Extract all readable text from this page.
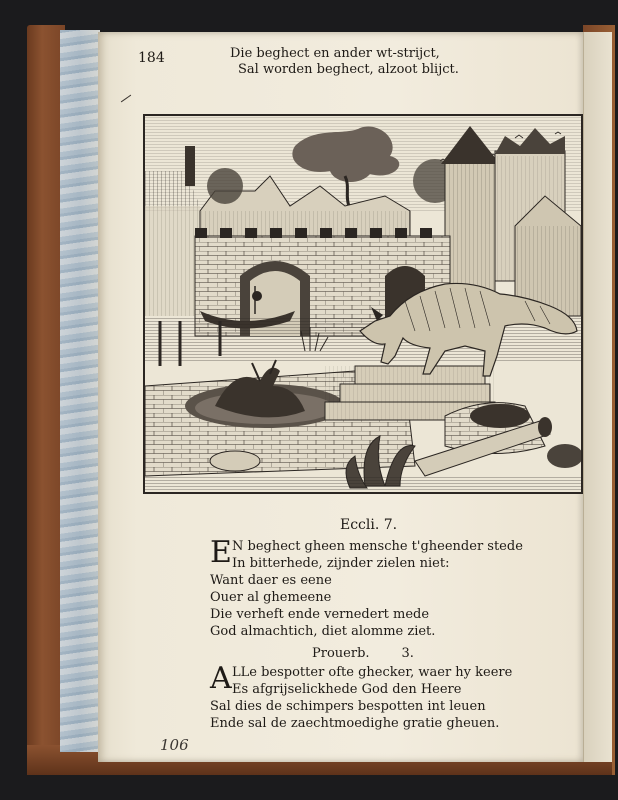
184	Die beghect en ander wt-strijct,
Sal worden beghect, alzoot blijct.
Eccli. 7.
E N beghect gheen mensche t'gheender stede
In bitterhede, zijnder zielen niet:
Want daer es eene
Ouer al ghemeene
Die verheft ende vernedert mede
God almachtich, diet alomme ziet.
Prouerb. 3.
A LLe bespotter ofte ghecker, waer hy keere
Es afgrijselickhede God den Heere
Sal dies de schimpers bespotten int leuen
Ende sal de zaechtmoedighe gratie gheuen.
106
